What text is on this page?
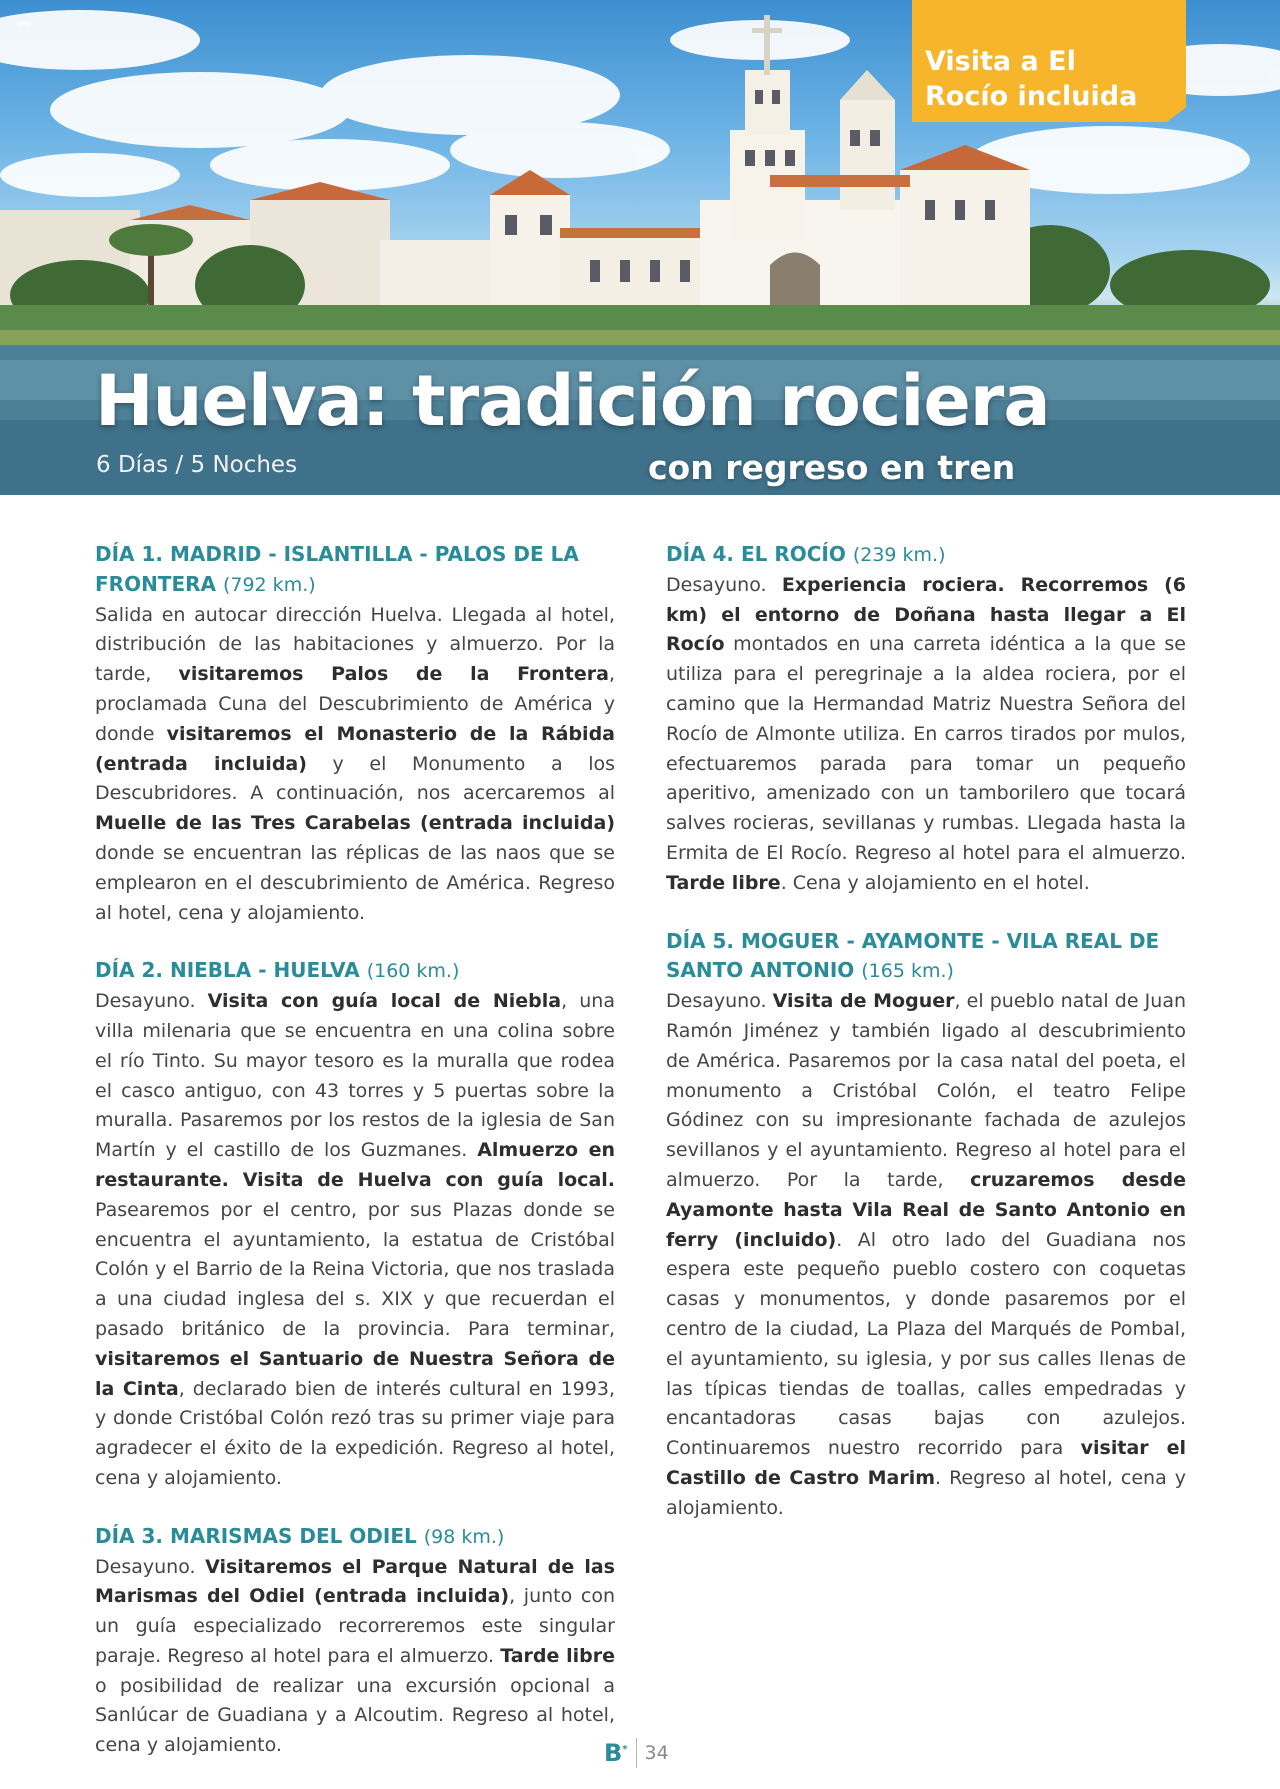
Visita a El Rocío incluida
Huelva: tradición rociera
6 Días / 5 Noches	con regreso en tren

DÍA 1. MADRID - ISLANTILLA - PALOS DE LA FRONTERA (792 km.)

Salida en autocar dirección Huelva. Llegada al hotel, distribución de las habitaciones y almuerzo. Por la tarde, visitaremos Palos de la Frontera, proclamada Cuna del Descubrimiento de América y donde visitaremos el Monasterio de la Rábida (entrada incluida) y el Monumento a los Descubridores. A continuación, nos acercaremos al Muelle de las Tres Carabelas (entrada incluida) donde se encuentran las réplicas de las naos que se emplearon en el descubrimiento de América. Regreso al hotel, cena y alojamiento.

DÍA 2. NIEBLA - HUELVA (160 km.)

Desayuno. Visita con guía local de Niebla, una villa milenaria que se encuentra en una colina sobre el río Tinto. Su mayor tesoro es la muralla que rodea el casco antiguo, con 43 torres y 5 puertas sobre la muralla. Pasaremos por los restos de la iglesia de San Martín y el castillo de los Guzmanes. Almuerzo en restaurante. Visita de Huelva con guía local. Pasearemos por el centro, por sus Plazas donde se encuentra el ayuntamiento, la estatua de Cristóbal Colón y el Barrio de la Reina Victoria, que nos traslada a una ciudad inglesa del s. XIX y que recuerdan el pasado británico de la provincia. Para terminar, visitaremos el Santuario de Nuestra Señora de la Cinta, declarado bien de interés cultural en 1993, y donde Cristóbal Colón rezó tras su primer viaje para agradecer el éxito de la expedición. Regreso al hotel, cena y alojamiento.

DÍA 3. MARISMAS DEL ODIEL (98 km.)

Desayuno. Visitaremos el Parque Natural de las Marismas del Odiel (entrada incluida), junto con un guía especializado recorreremos este singular paraje. Regreso al hotel para el almuerzo. Tarde libre o posibilidad de realizar una excursión opcional a Sanlúcar de Guadiana y a Alcoutim. Regreso al hotel, cena y alojamiento.

DÍA 4. EL ROCÍO (239 km.)

Desayuno. Experiencia rociera. Recorremos (6 km) el entorno de Doñana hasta llegar a El Rocío montados en una carreta idéntica a la que se utiliza para el peregrinaje a la aldea rociera, por el camino que la Hermandad Matriz Nuestra Señora del Rocío de Almonte utiliza. En carros tirados por mulos, efectuaremos parada para tomar un pequeño aperitivo, amenizado con un tamborilero que tocará salves rocieras, sevillanas y rumbas. Llegada hasta la Ermita de El Rocío. Regreso al hotel para el almuerzo. Tarde libre. Cena y alojamiento en el hotel.

DÍA 5. MOGUER - AYAMONTE - VILA REAL DE SANTO ANTONIO (165 km.)

Desayuno. Visita de Moguer, el pueblo natal de Juan Ramón Jiménez y también ligado al descubrimiento de América. Pasaremos por la casa natal del poeta, el monumento a Cristóbal Colón, el teatro Felipe Gódinez con su impresionante fachada de azulejos sevillanos y el ayuntamiento. Regreso al hotel para el almuerzo. Por la tarde, cruzaremos desde Ayamonte hasta Vila Real de Santo Antonio en ferry (incluido). Al otro lado del Guadiana nos espera este pequeño pueblo costero con coquetas casas y monumentos, y donde pasaremos por el centro de la ciudad, La Plaza del Marqués de Pombal, el ayuntamiento, su iglesia, y por sus calles llenas de las típicas tiendas de toallas, calles empedradas y encantadoras casas bajas con azulejos. Continuaremos nuestro recorrido para visitar el Castillo de Castro Marim. Regreso al hotel, cena y alojamiento.

B* 34
